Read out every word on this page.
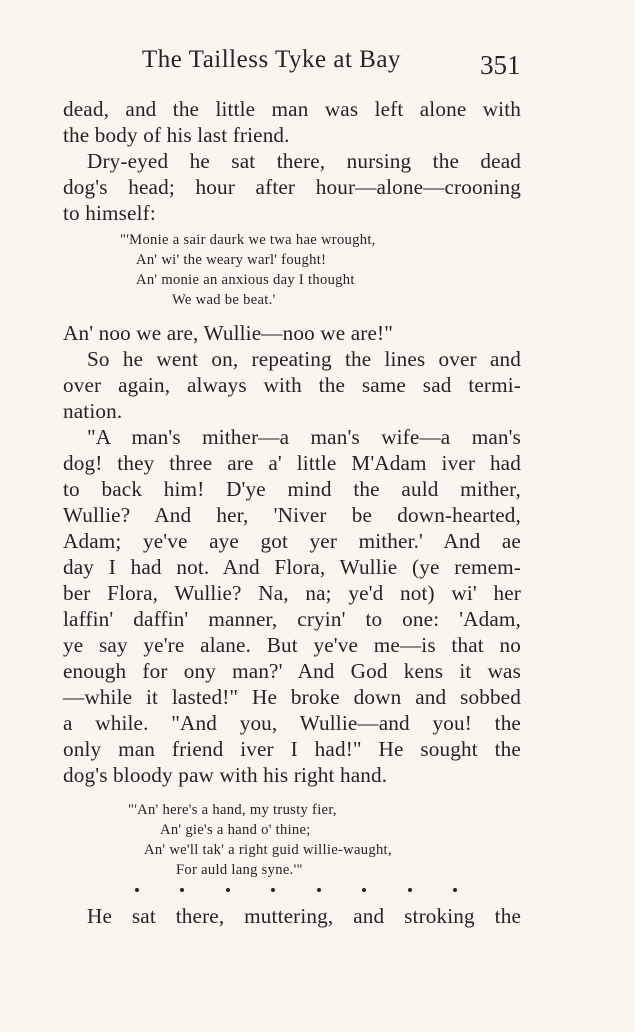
The Tailless Tyke at Bay	351
dead, and the little man was left alone with
the body of his last friend.
Dry-eyed he sat there, nursing the dead
dog's head; hour after hour—alone—crooning
to himself:
"'Monie a sair daurk we twa hae wrought,
An' wi' the weary warl' fought!
An' monie an anxious day I thought
We wad be beat.'
An' noo we are, Wullie—noo we are!"
So he went on, repeating the lines over and
over again, always with the same sad termi-
nation.
"A man's mither—a man's wife—a man's
dog! they three are a' little M'Adam iver had
to back him! D'ye mind the auld mither,
Wullie? And her, 'Niver be down-hearted,
Adam; ye've aye got yer mither.' And ae
day I had not. And Flora, Wullie (ye remem-
ber Flora, Wullie? Na, na; ye'd not) wi' her
laffin' daffin' manner, cryin' to one: 'Adam,
ye say ye're alane. But ye've me—is that no
enough for ony man?' And God kens it was
—while it lasted!" He broke down and sobbed
a while. "And you, Wullie—and you! the
only man friend iver I had!" He sought the
dog's bloody paw with his right hand.
"'An' here's a hand, my trusty fier,
An' gie's a hand o' thine;
An' we'll tak' a right guid willie-waught,
For auld lang syne.'"
He sat there, muttering, and stroking the
